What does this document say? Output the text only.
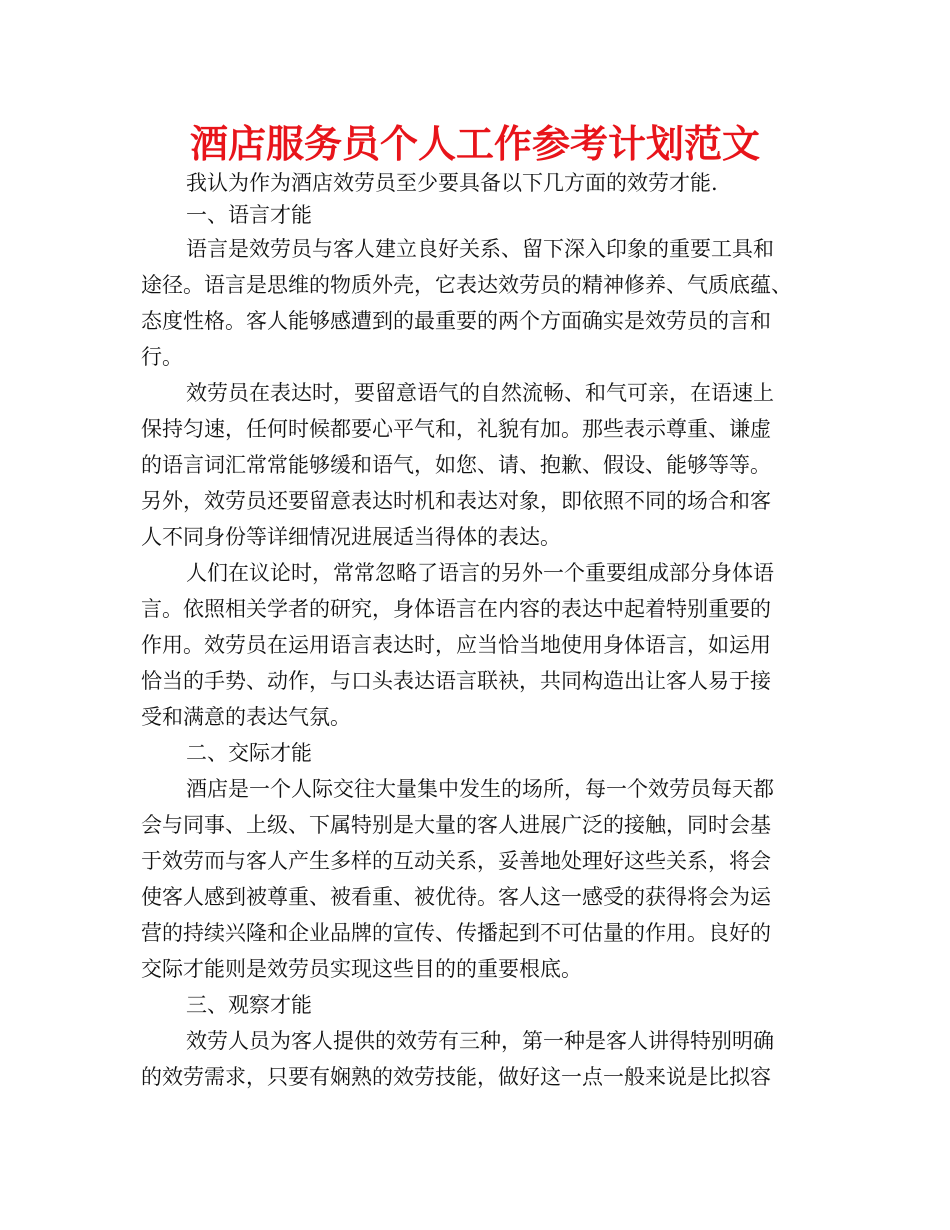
酒店服务员个人工作参考计划范文
我认为作为酒店效劳员至少要具备以下几方面的效劳才能.
一、语言才能
语言是效劳员与客人建立良好关系、留下深入印象的重要工具和
途径。语言是思维的物质外壳，它表达效劳员的精神修养、气质底蕴、
态度性格。客人能够感遭到的最重要的两个方面确实是效劳员的言和
行。
效劳员在表达时，要留意语气的自然流畅、和气可亲，在语速上
保持匀速，任何时候都要心平气和，礼貌有加。那些表示尊重、谦虚
的语言词汇常常能够缓和语气，如您、请、抱歉、假设、能够等等。
另外，效劳员还要留意表达时机和表达对象，即依照不同的场合和客
人不同身份等详细情况进展适当得体的表达。
人们在议论时，常常忽略了语言的另外一个重要组成部分身体语
言。依照相关学者的研究，身体语言在内容的表达中起着特别重要的
作用。效劳员在运用语言表达时，应当恰当地使用身体语言，如运用
恰当的手势、动作，与口头表达语言联袂，共同构造出让客人易于接
受和满意的表达气氛。
二、交际才能
酒店是一个人际交往大量集中发生的场所，每一个效劳员每天都
会与同事、上级、下属特别是大量的客人进展广泛的接触，同时会基
于效劳而与客人产生多样的互动关系，妥善地处理好这些关系，将会
使客人感到被尊重、被看重、被优待。客人这一感受的获得将会为运
营的持续兴隆和企业品牌的宣传、传播起到不可估量的作用。良好的
交际才能则是效劳员实现这些目的的重要根底。
三、观察才能
效劳人员为客人提供的效劳有三种，第一种是客人讲得特别明确
的效劳需求，只要有娴熟的效劳技能，做好这一点一般来说是比拟容
